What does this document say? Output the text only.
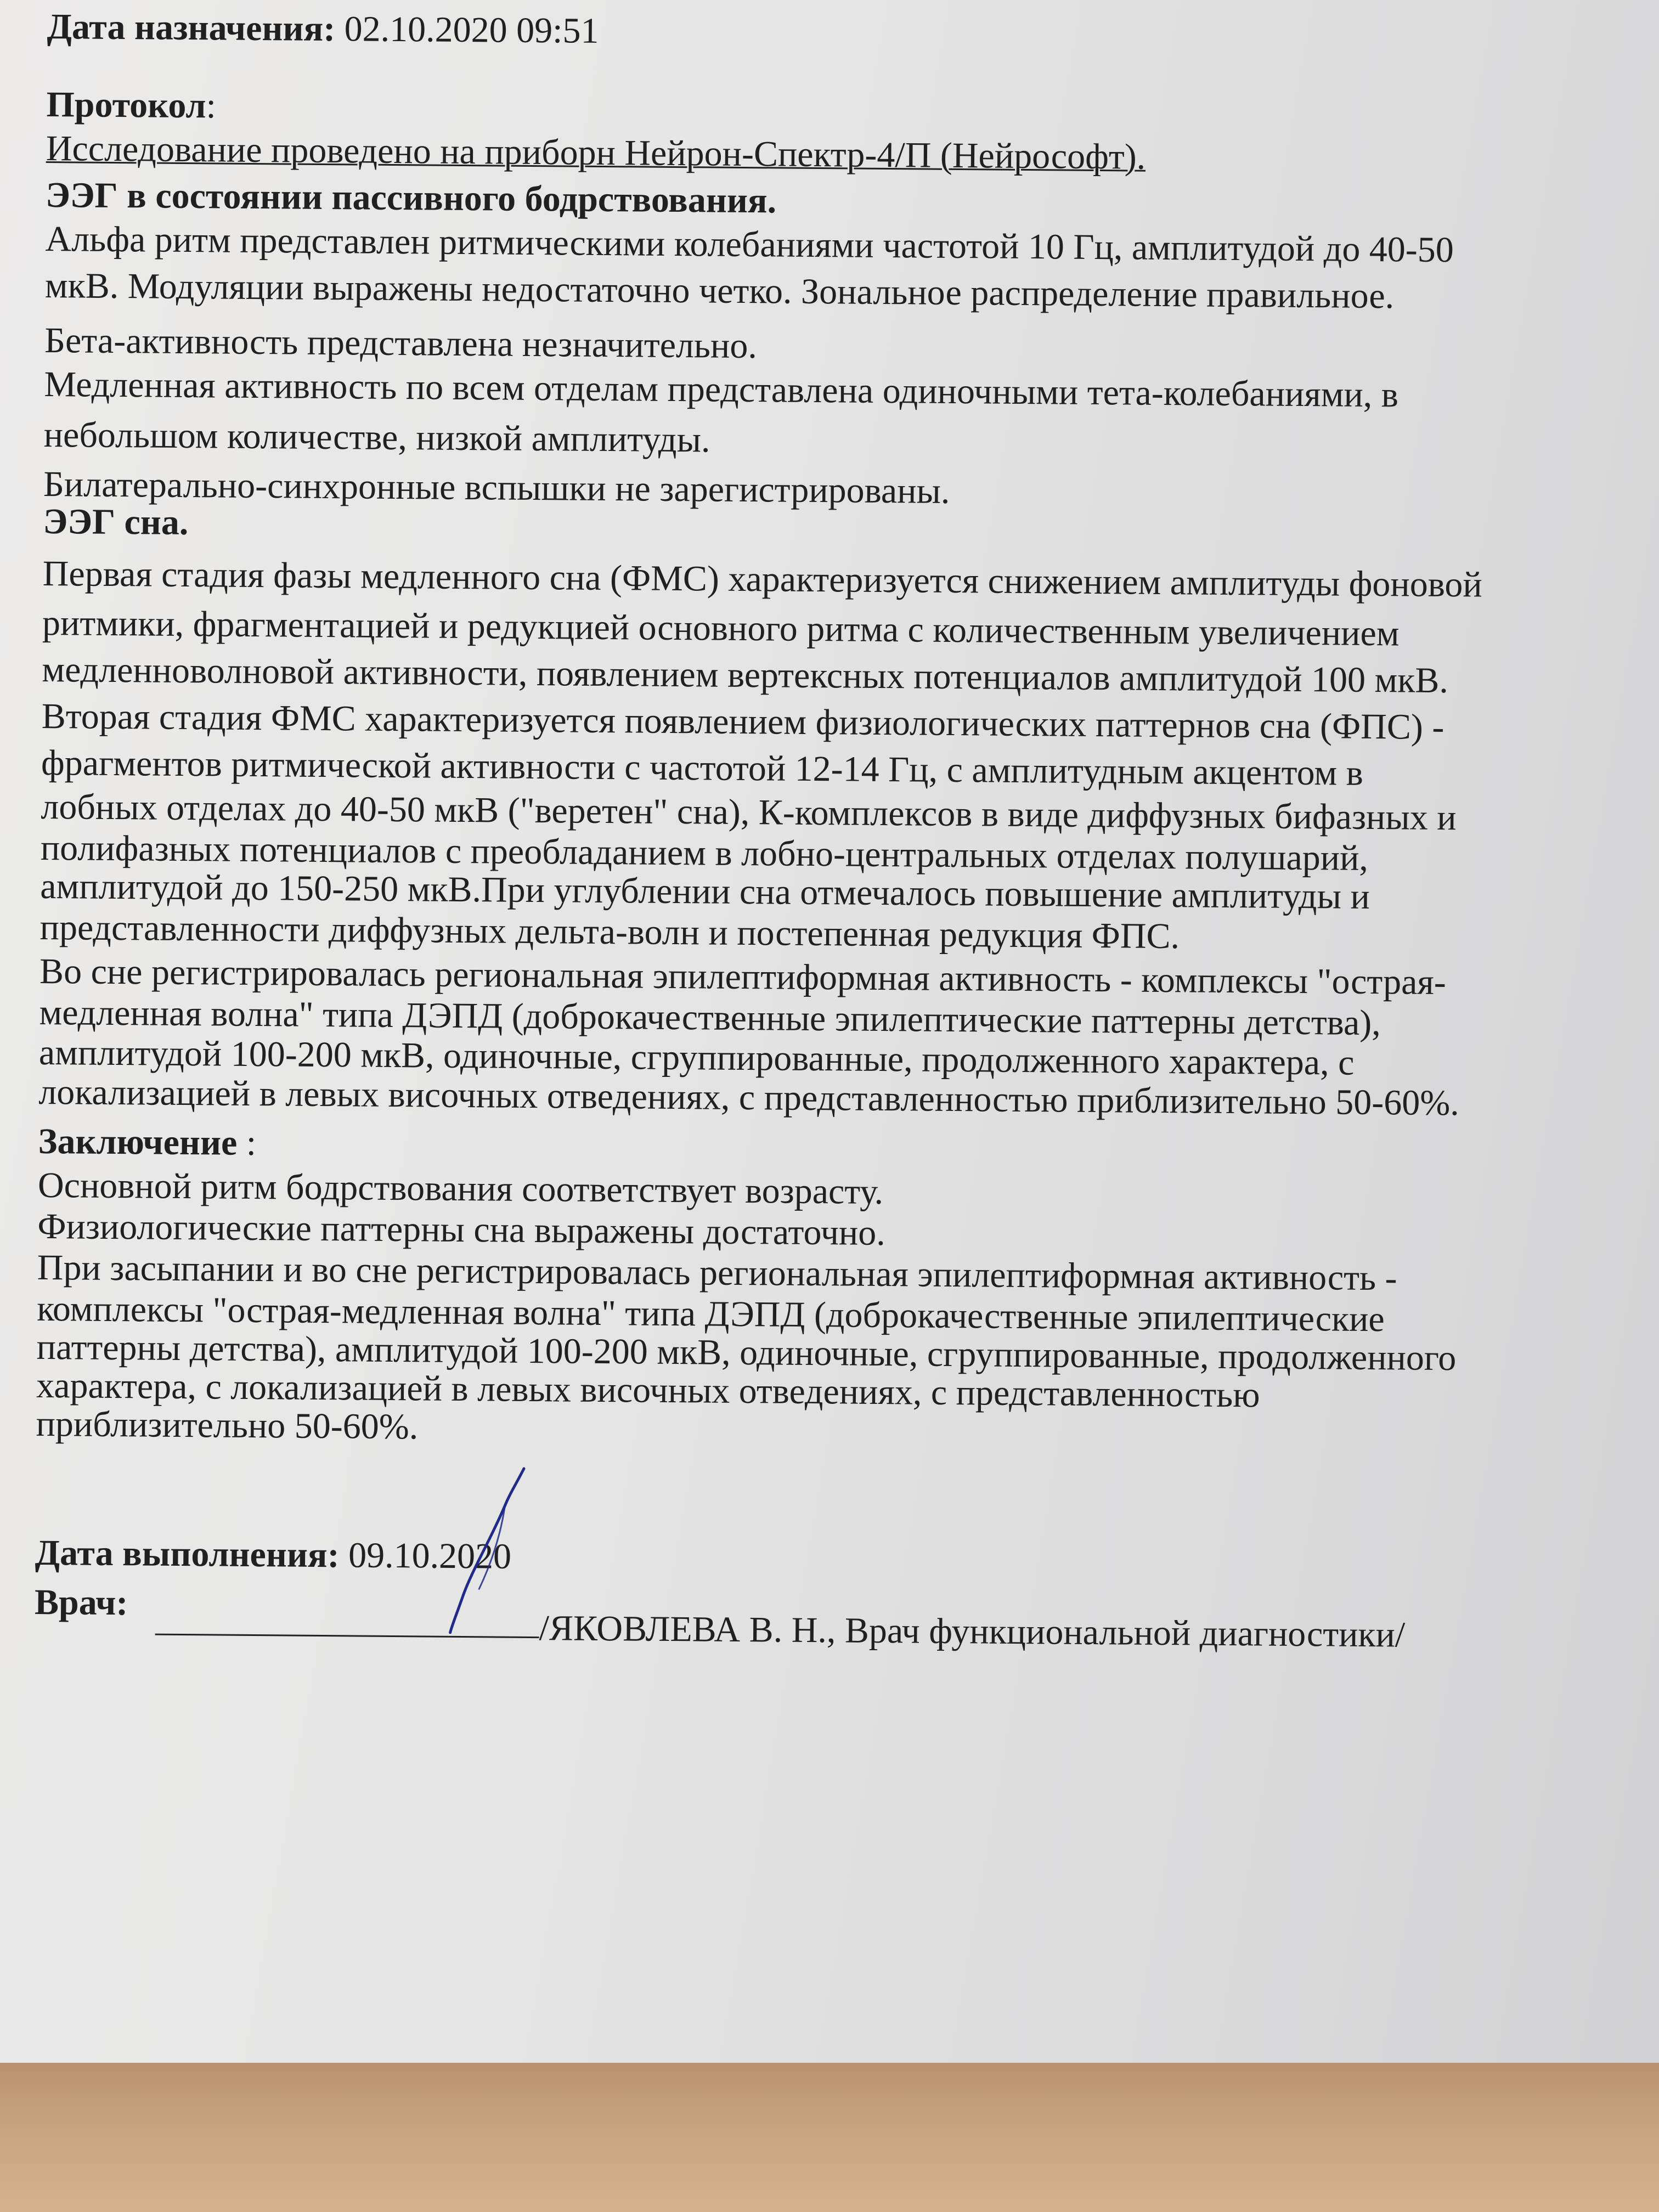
Дата назначения: 02.10.2020 09:51
Протокол:
Исследование проведено на приборн Нейрон-Спектр-4/П (Нейрософт).
ЭЭГ в состоянии пассивного бодрствования.
Альфа ритм представлен ритмическими колебаниями частотой 10 Гц, амплитудой до 40-50
мкВ. Модуляции выражены недостаточно четко. Зональное распределение правильное.
Бета-активность представлена незначительно.
Медленная активность по всем отделам представлена одиночными тета-колебаниями, в
небольшом количестве, низкой амплитуды.
Билатерально-синхронные вспышки не зарегистрированы.
ЭЭГ сна.
Первая стадия фазы медленного сна (ФМС) характеризуется снижением амплитуды фоновой
ритмики, фрагментацией и редукцией основного ритма с количественным увеличением
медленноволновой активности, появлением вертексных потенциалов амплитудой 100 мкВ.
Вторая стадия ФМС характеризуется появлением физиологических паттернов сна (ФПС) -
фрагментов ритмической активности с частотой 12-14 Гц, с амплитудным акцентом в
лобных отделах до 40-50 мкВ ("веретен" сна), К-комплексов в виде диффузных бифазных и
полифазных потенциалов с преобладанием в лобно-центральных отделах полушарий,
амплитудой до 150-250 мкВ.При углублении сна отмечалось повышение амплитуды и
представленности диффузных дельта-волн и постепенная редукция ФПС.
Во сне регистрировалась региональная эпилептиформная активность - комплексы "острая-
медленная волна" типа ДЭПД (доброкачественные эпилептические паттерны детства),
амплитудой 100-200 мкВ, одиночные, сгруппированные, продолженного характера, с
локализацией в левых височных отведениях, с представленностью приблизительно 50-60%.
Заключение :
Основной ритм бодрствования соответствует возрасту.
Физиологические паттерны сна выражены достаточно.
При засыпании и во сне регистрировалась региональная эпилептиформная активность -
комплексы "острая-медленная волна" типа ДЭПД (доброкачественные эпилептические
паттерны детства), амплитудой 100-200 мкВ, одиночные, сгруппированные, продолженного
характера, с локализацией в левых височных отведениях, с представленностью
приблизительно 50-60%.
Дата выполнения: 09.10.2020
Врач:
/ЯКОВЛЕВА В. Н., Врач функциональной диагностики/
